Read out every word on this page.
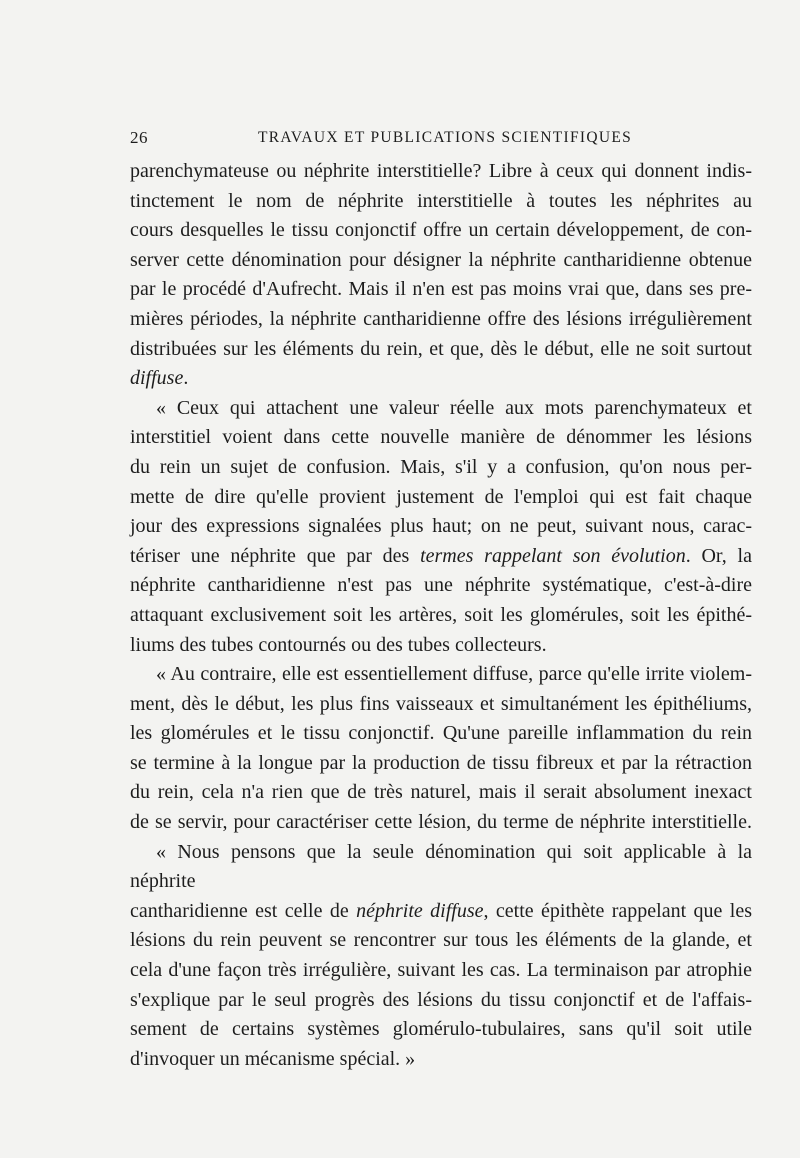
26	TRAVAUX ET PUBLICATIONS SCIENTIFIQUES

parenchymateuse ou néphrite interstitielle? Libre à ceux qui donnent indis-

tinctement le nom de néphrite interstitielle à toutes les néphrites au

cours desquelles le tissu conjonctif offre un certain développement, de con-

server cette dénomination pour désigner la néphrite cantharidienne obtenue

par le procédé d'Aufrecht. Mais il n'en est pas moins vrai que, dans ses pre-

mières périodes, la néphrite cantharidienne offre des lésions irrégulièrement

distribuées sur les éléments du rein, et que, dès le début, elle ne soit surtout

diffuse.

« Ceux qui attachent une valeur réelle aux mots parenchymateux et

interstitiel voient dans cette nouvelle manière de dénommer les lésions

du rein un sujet de confusion. Mais, s'il y a confusion, qu'on nous per-

mette de dire qu'elle provient justement de l'emploi qui est fait chaque

jour des expressions signalées plus haut; on ne peut, suivant nous, carac-

tériser une néphrite que par des termes rappelant son évolution. Or, la

néphrite cantharidienne n'est pas une néphrite systématique, c'est-à-dire

attaquant exclusivement soit les artères, soit les glomérules, soit les épithé-

liums des tubes contournés ou des tubes collecteurs.

« Au contraire, elle est essentiellement diffuse, parce qu'elle irrite violem-

ment, dès le début, les plus fins vaisseaux et simultanément les épithéliums,

les glomérules et le tissu conjonctif. Qu'une pareille inflammation du rein

se termine à la longue par la production de tissu fibreux et par la rétraction

du rein, cela n'a rien que de très naturel, mais il serait absolument inexact

de se servir, pour caractériser cette lésion, du terme de néphrite interstitielle.

« Nous pensons que la seule dénomination qui soit applicable à la néphrite

cantharidienne est celle de néphrite diffuse, cette épithète rappelant que les

lésions du rein peuvent se rencontrer sur tous les éléments de la glande, et

cela d'une façon très irrégulière, suivant les cas. La terminaison par atrophie

s'explique par le seul progrès des lésions du tissu conjonctif et de l'affais-

sement de certains systèmes glomérulo-tubulaires, sans qu'il soit utile

d'invoquer un mécanisme spécial. »
